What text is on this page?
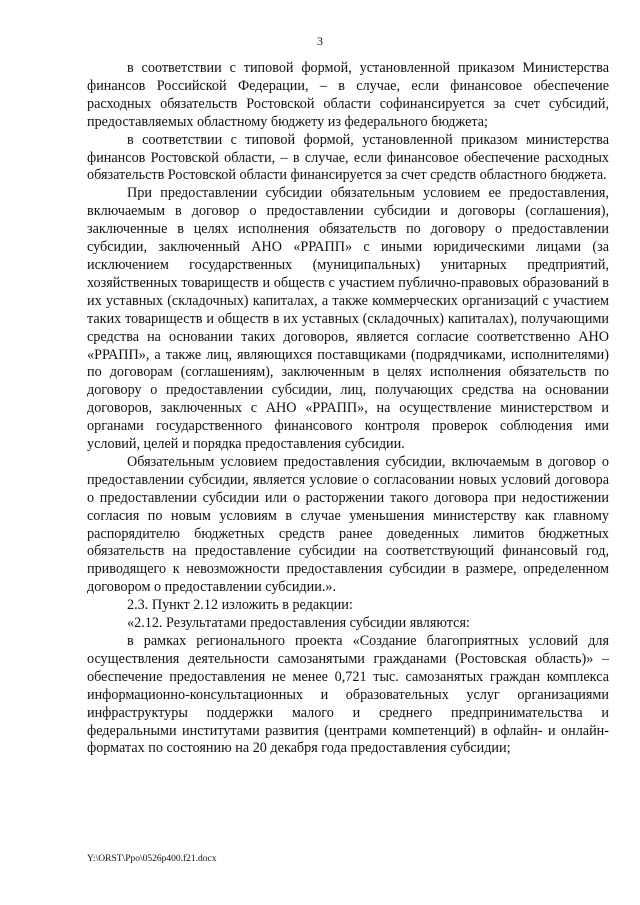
3

в соответствии с типовой формой, установленной приказом Министерства финансов Российской Федерации, – в случае, если финансовое обеспечение расходных обязательств Ростовской области софинансируется за счет субсидий, предоставляемых областному бюджету из федерального бюджета;

в соответствии с типовой формой, установленной приказом министерства финансов Ростовской области, – в случае, если финансовое обеспечение расходных обязательств Ростовской области финансируется за счет средств областного бюджета.

При предоставлении субсидии обязательным условием ее предоставления, включаемым в договор о предоставлении субсидии и договоры (соглашения), заключенные в целях исполнения обязательств по договору о предоставлении субсидии, заключенный АНО «РРАПП» с иными юридическими лицами (за исключением государственных (муниципальных) унитарных предприятий, хозяйственных товариществ и обществ с участием публично-правовых образований в их уставных (складочных) капиталах, а также коммерческих организаций с участием таких товариществ и обществ в их уставных (складочных) капиталах), получающими средства на основании таких договоров, является согласие соответственно АНО «РРАПП», а также лиц, являющихся поставщиками (подрядчиками, исполнителями) по договорам (соглашениям), заключенным в целях исполнения обязательств по договору о предоставлении субсидии, лиц, получающих средства на основании договоров, заключенных с АНО «РРАПП», на осуществление министерством и органами государственного финансового контроля проверок соблюдения ими условий, целей и порядка предоставления субсидии.

Обязательным условием предоставления субсидии, включаемым в договор о предоставлении субсидии, является условие о согласовании новых условий договора о предоставлении субсидии или о расторжении такого договора при недостижении согласия по новым условиям в случае уменьшения министерству как главному распорядителю бюджетных средств ранее доведенных лимитов бюджетных обязательств на предоставление субсидии на соответствующий финансовый год, приводящего к невозможности предоставления субсидии в размере, определенном договором о предоставлении субсидии.».

2.3. Пункт 2.12 изложить в редакции:

«2.12. Результатами предоставления субсидии являются:

в рамках регионального проекта «Создание благоприятных условий для осуществления деятельности самозанятыми гражданами (Ростовская область)» – обеспечение предоставления не менее 0,721 тыс. самозанятых граждан комплекса информационно-консультационных и образовательных услуг организациями инфраструктуры поддержки малого и среднего предпринимательства и федеральными институтами развития (центрами компетенций) в офлайн- и онлайн-форматах по состоянию на 20 декабря года предоставления субсидии;

Y:\ORST\Ppo\0526p400.f21.docx
